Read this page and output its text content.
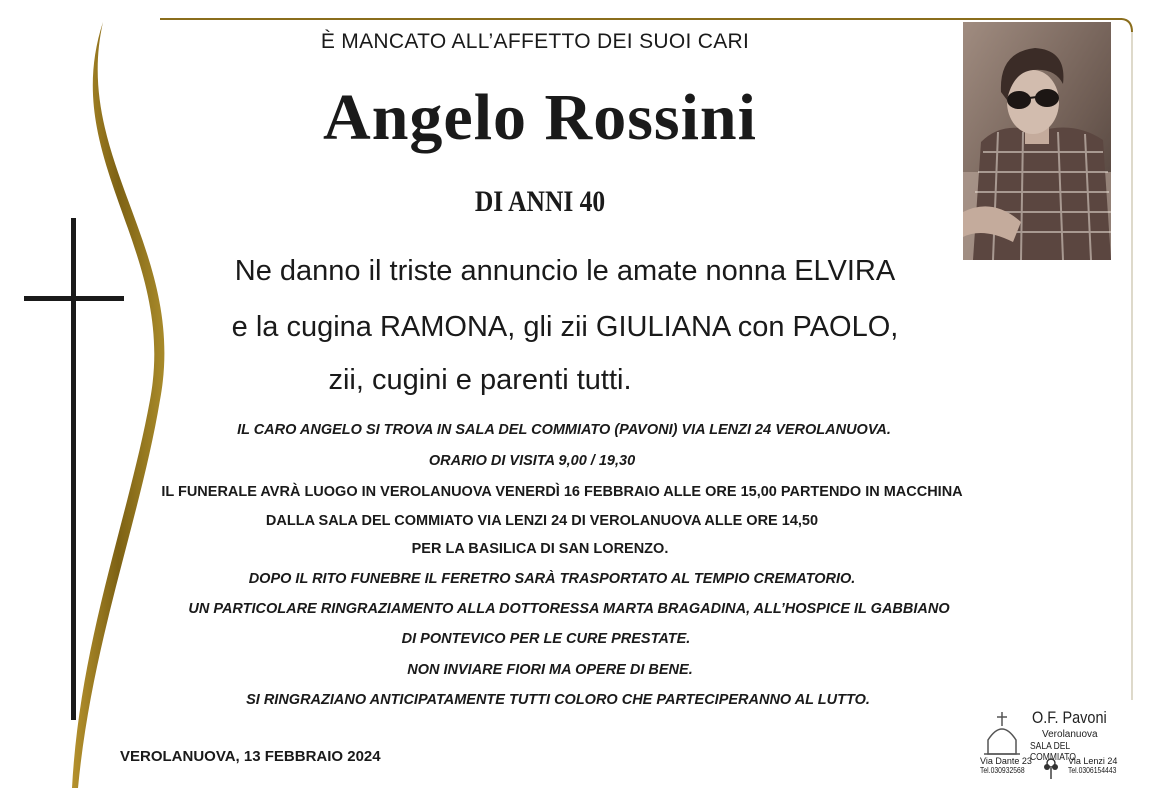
È MANCATO ALL’AFFETTO DEI SUOI CARI
Angelo Rossini
DI ANNI 40
Ne danno il triste annuncio le amate nonna ELVIRA
e la cugina RAMONA, gli zii GIULIANA con PAOLO,
zii, cugini e parenti tutti.
IL CARO ANGELO SI TROVA IN SALA DEL COMMIATO (PAVONI) VIA LENZI 24 VEROLANUOVA.
ORARIO DI VISITA 9,00 / 19,30
IL FUNERALE AVRÀ LUOGO IN VEROLANUOVA VENERDÌ 16 FEBBRAIO ALLE ORE 15,00 PARTENDO IN MACCHINA
DALLA SALA DEL COMMIATO VIA LENZI 24 DI VEROLANUOVA ALLE ORE 14,50
PER LA BASILICA DI SAN LORENZO.
DOPO IL RITO FUNEBRE IL FERETRO SARÀ TRASPORTATO AL TEMPIO CREMATORIO.
UN PARTICOLARE RINGRAZIAMENTO ALLA DOTTORESSA MARTA BRAGADINA, ALL’HOSPICE IL GABBIANO
DI PONTEVICO PER LE CURE PRESTATE.
NON INVIARE FIORI MA OPERE DI BENE.
SI RINGRAZIANO ANTICIPATAMENTE TUTTI COLORO CHE PARTECIPERANNO AL LUTTO.
VEROLANUOVA, 13 FEBBRAIO 2024
O.F. Pavoni
Verolanuova
SALA DEL COMMIATO
Via Dante 23
Tel.030932568
Via Lenzi 24
Tel.0306154443
